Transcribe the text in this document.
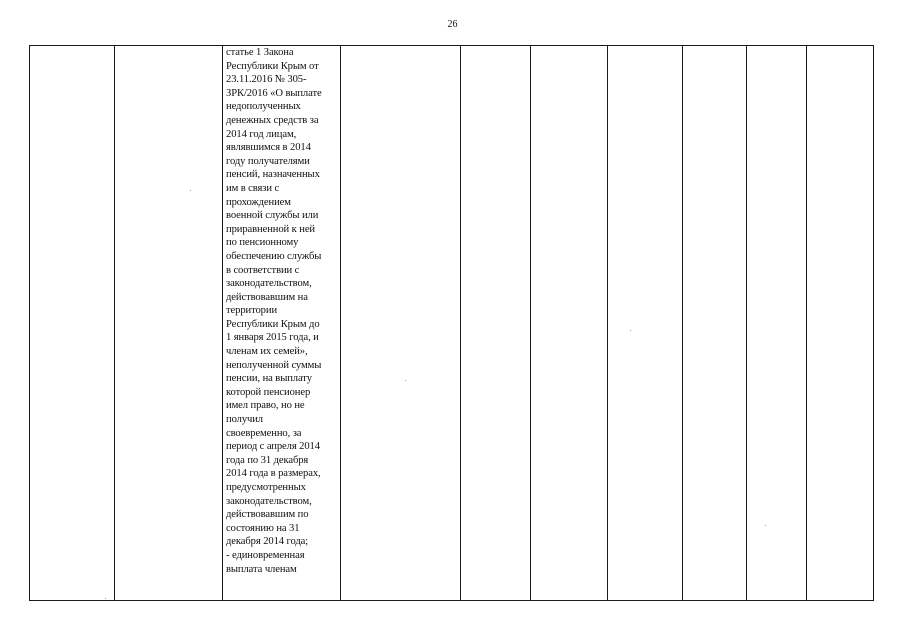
26

статье 1 Закона
Республики Крым от
23.11.2016 № 305-
ЗРК/2016 «О выплате
недополученных
денежных средств за
2014 год лицам,
являвшимся в 2014
году получателями
пенсий, назначенных
им в связи с
прохождением
военной службы или
приравненной к ней
по пенсионному
обеспечению службы
в соответствии с
законодательством,
действовавшим на
территории
Республики Крым до
1 января 2015 года, и
членам их семей»,
неполученной суммы
пенсии, на выплату
которой пенсионер
имел право, но не
получил
своевременно, за
период с апреля 2014
года по 31 декабря
2014 года в размерах,
предусмотренных
законодательством,
действовавшим по
состоянию на 31
декабря 2014 года;
- единовременная
выплата членам
